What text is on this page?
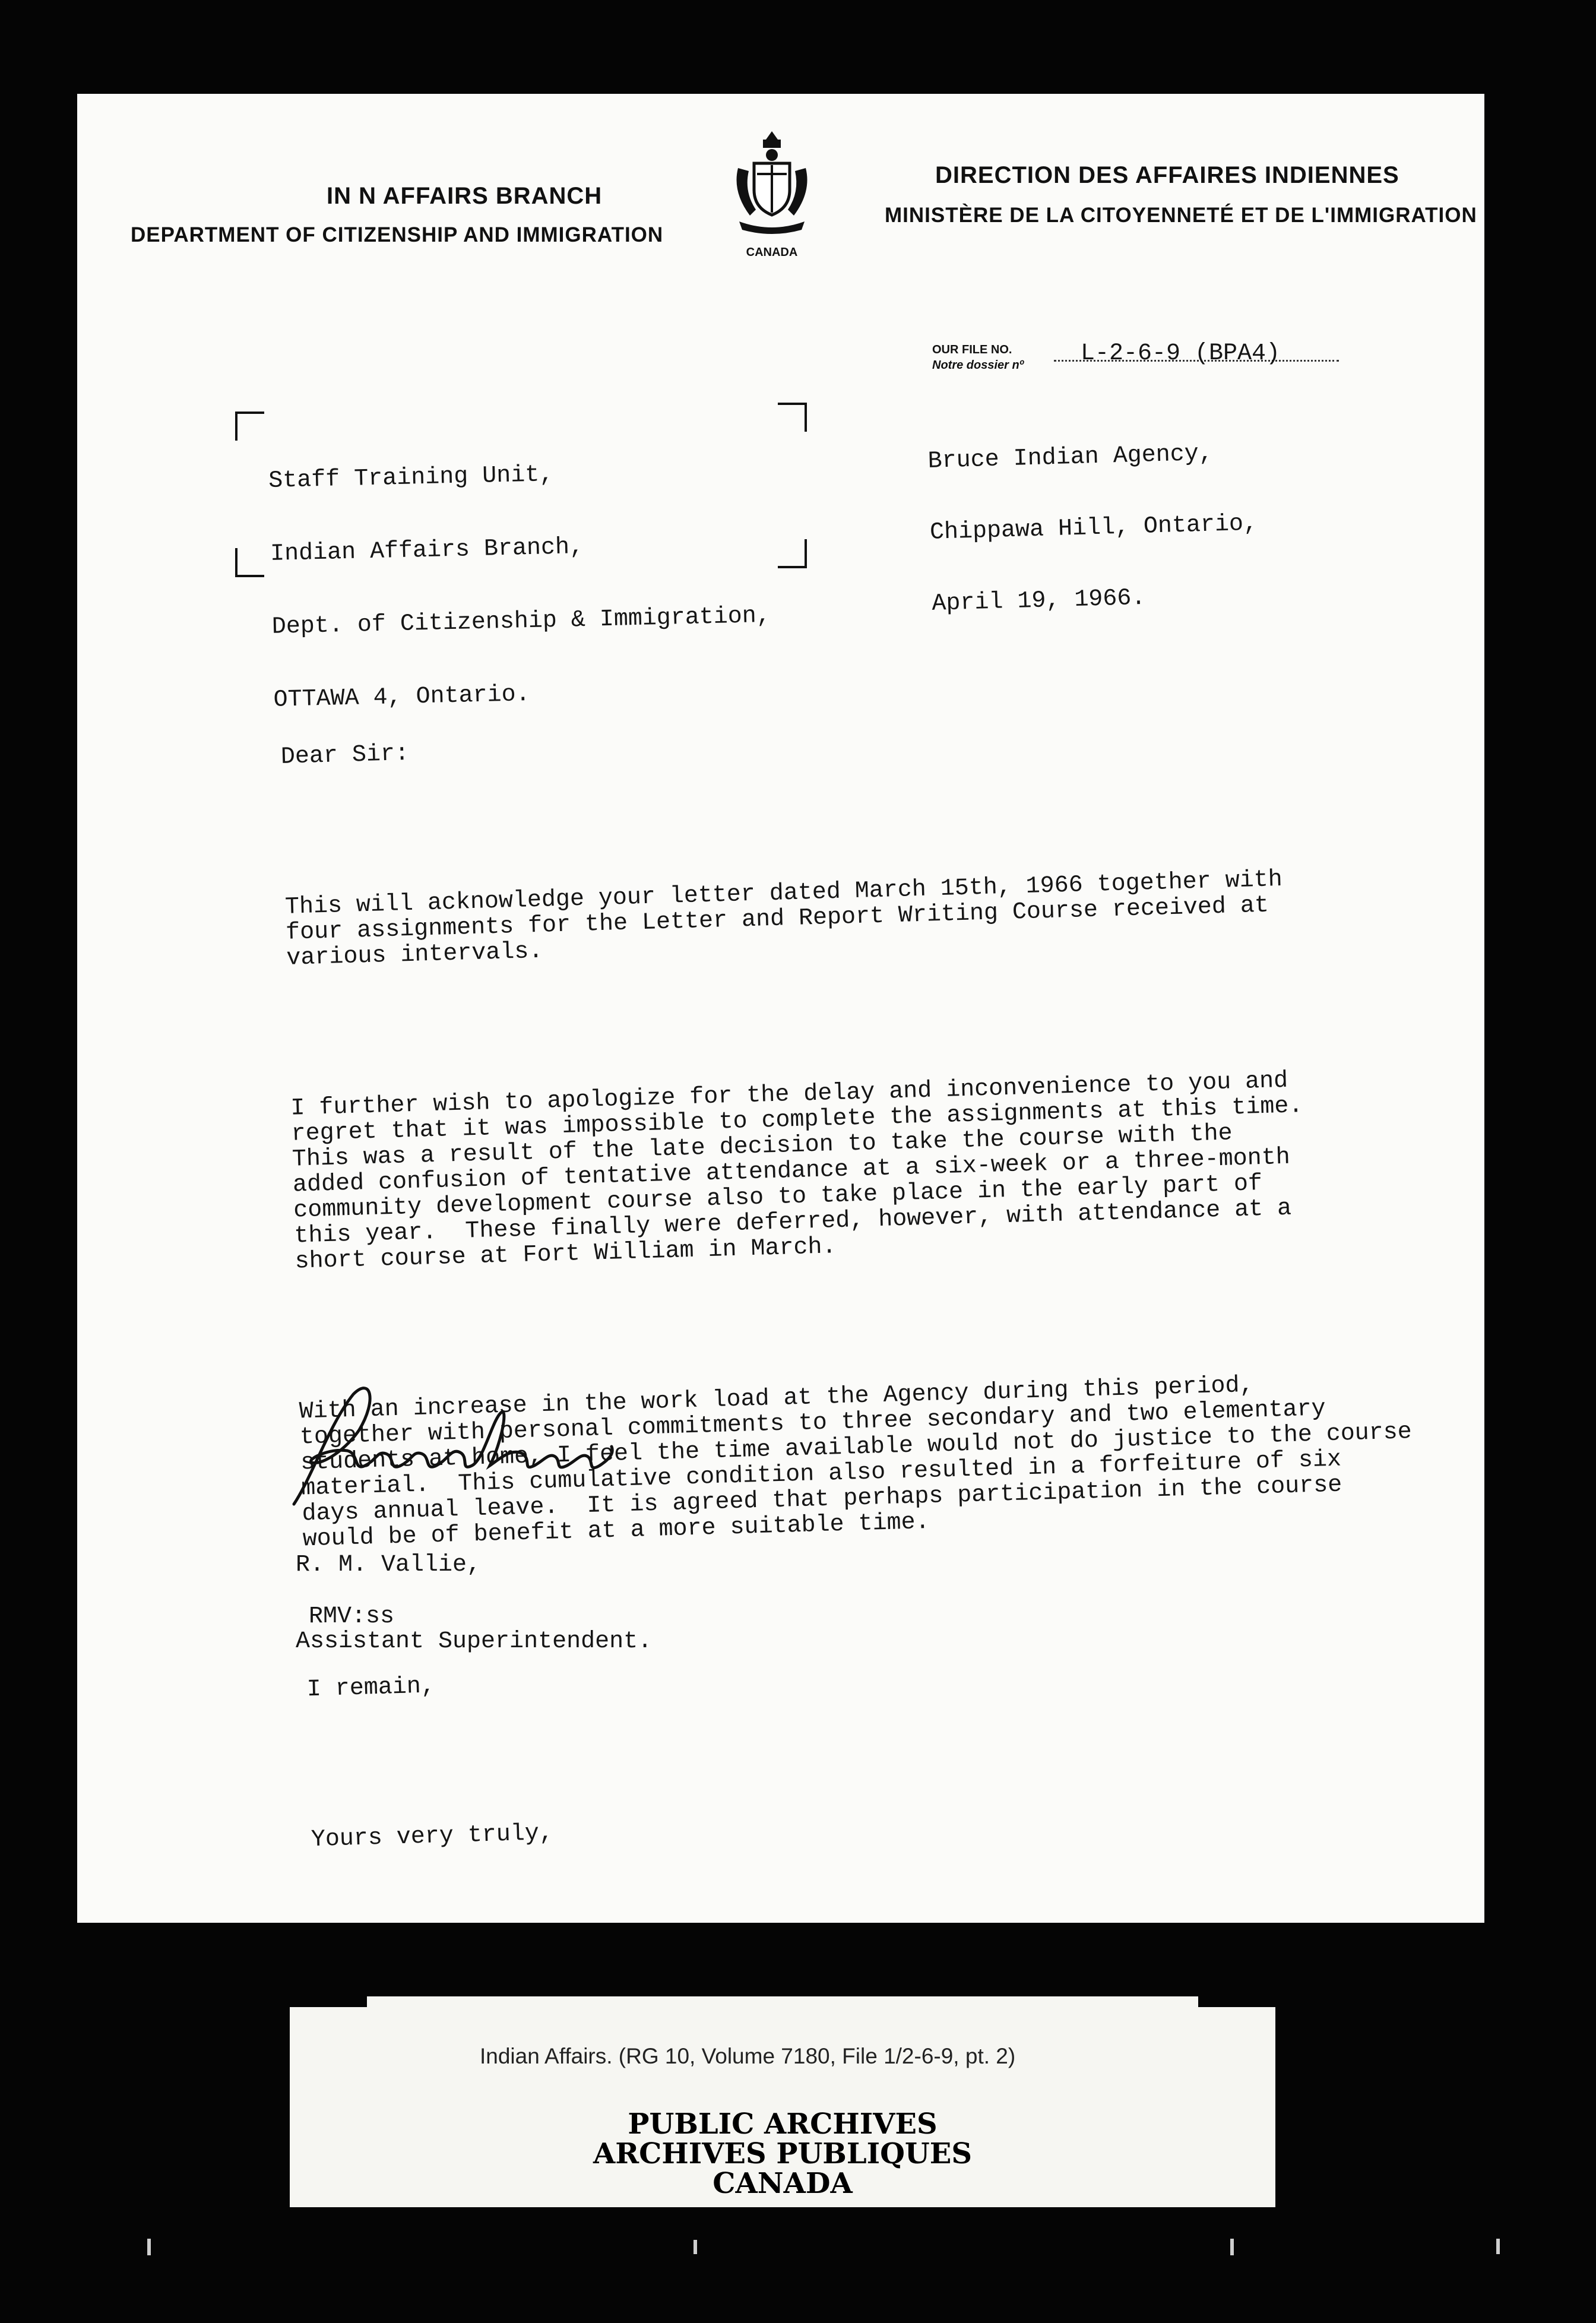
IN N AFFAIRS BRANCH
DEPARTMENT OF CITIZENSHIP AND IMMIGRATION
CANADA
DIRECTION DES AFFAIRES INDIENNES
MINISTÈRE DE LA CITOYENNETÉ ET DE L'IMMIGRATION
OUR FILE NO.
Notre dossier nº L-2-6-9 (BPA4)

Staff Training Unit,

Indian Affairs Branch,

Dept. of Citizenship & Immigration,

OTTAWA 4, Ontario.

Bruce Indian Agency,

Chippawa Hill, Ontario,

April 19, 1966.

Dear Sir:

This will acknowledge your letter dated March 15th, 1966 together with
four assignments for the Letter and Report Writing Course received at
various intervals.

I further wish to apologize for the delay and inconvenience to you and
regret that it was impossible to complete the assignments at this time.
This was a result of the late decision to take the course with the
added confusion of tentative attendance at a six-week or a three-month
community development course also to take place in the early part of
this year.  These finally were deferred, however, with attendance at a
short course at Fort William in March.

With an increase in the work load at the Agency during this period,
together with personal commitments to three secondary and two elementary
students at home, I feel the time available would not do justice to the course
material.  This cumulative condition also resulted in a forfeiture of six
days annual leave.  It is agreed that perhaps participation in the course
would be of benefit at a more suitable time.

I remain,

Yours very truly,

R. M. Vallie,

Assistant Superintendent.

RMV:ss
Indian Affairs. (RG 10, Volume 7180, File 1/2-6-9, pt. 2)
PUBLIC ARCHIVES
ARCHIVES PUBLIQUES
CANADA
